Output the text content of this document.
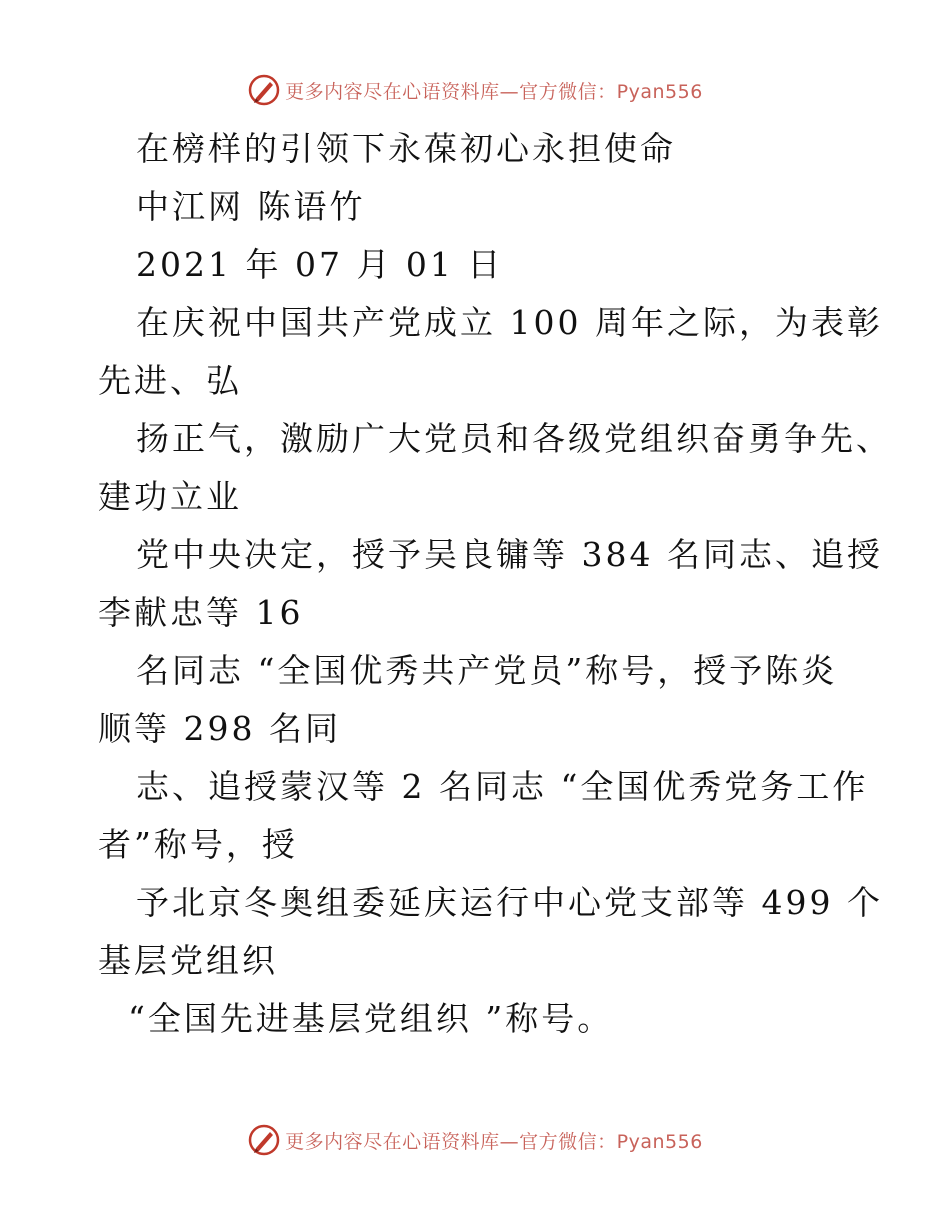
更多内容尽在心语资料库—官方微信：Pyan556
在榜样的引领下永葆初心永担使命
中江网 陈语竹
2021 年 07 月 01 日
在庆祝中国共产党成立 100 周年之际，为表彰
先进、弘
扬正气，激励广大党员和各级党组织奋勇争先、
建功立业
党中央决定，授予吴良镛等 384 名同志、追授
李献忠等 16
名同志 “全国优秀共产党员”称号，授予陈炎
顺等 298 名同
志、追授蒙汉等 2 名同志 “全国优秀党务工作
者”称号，授
予北京冬奥组委延庆运行中心党支部等 499 个
基层党组织
“全国先进基层党组织 ”称号。
更多内容尽在心语资料库—官方微信：Pyan556
